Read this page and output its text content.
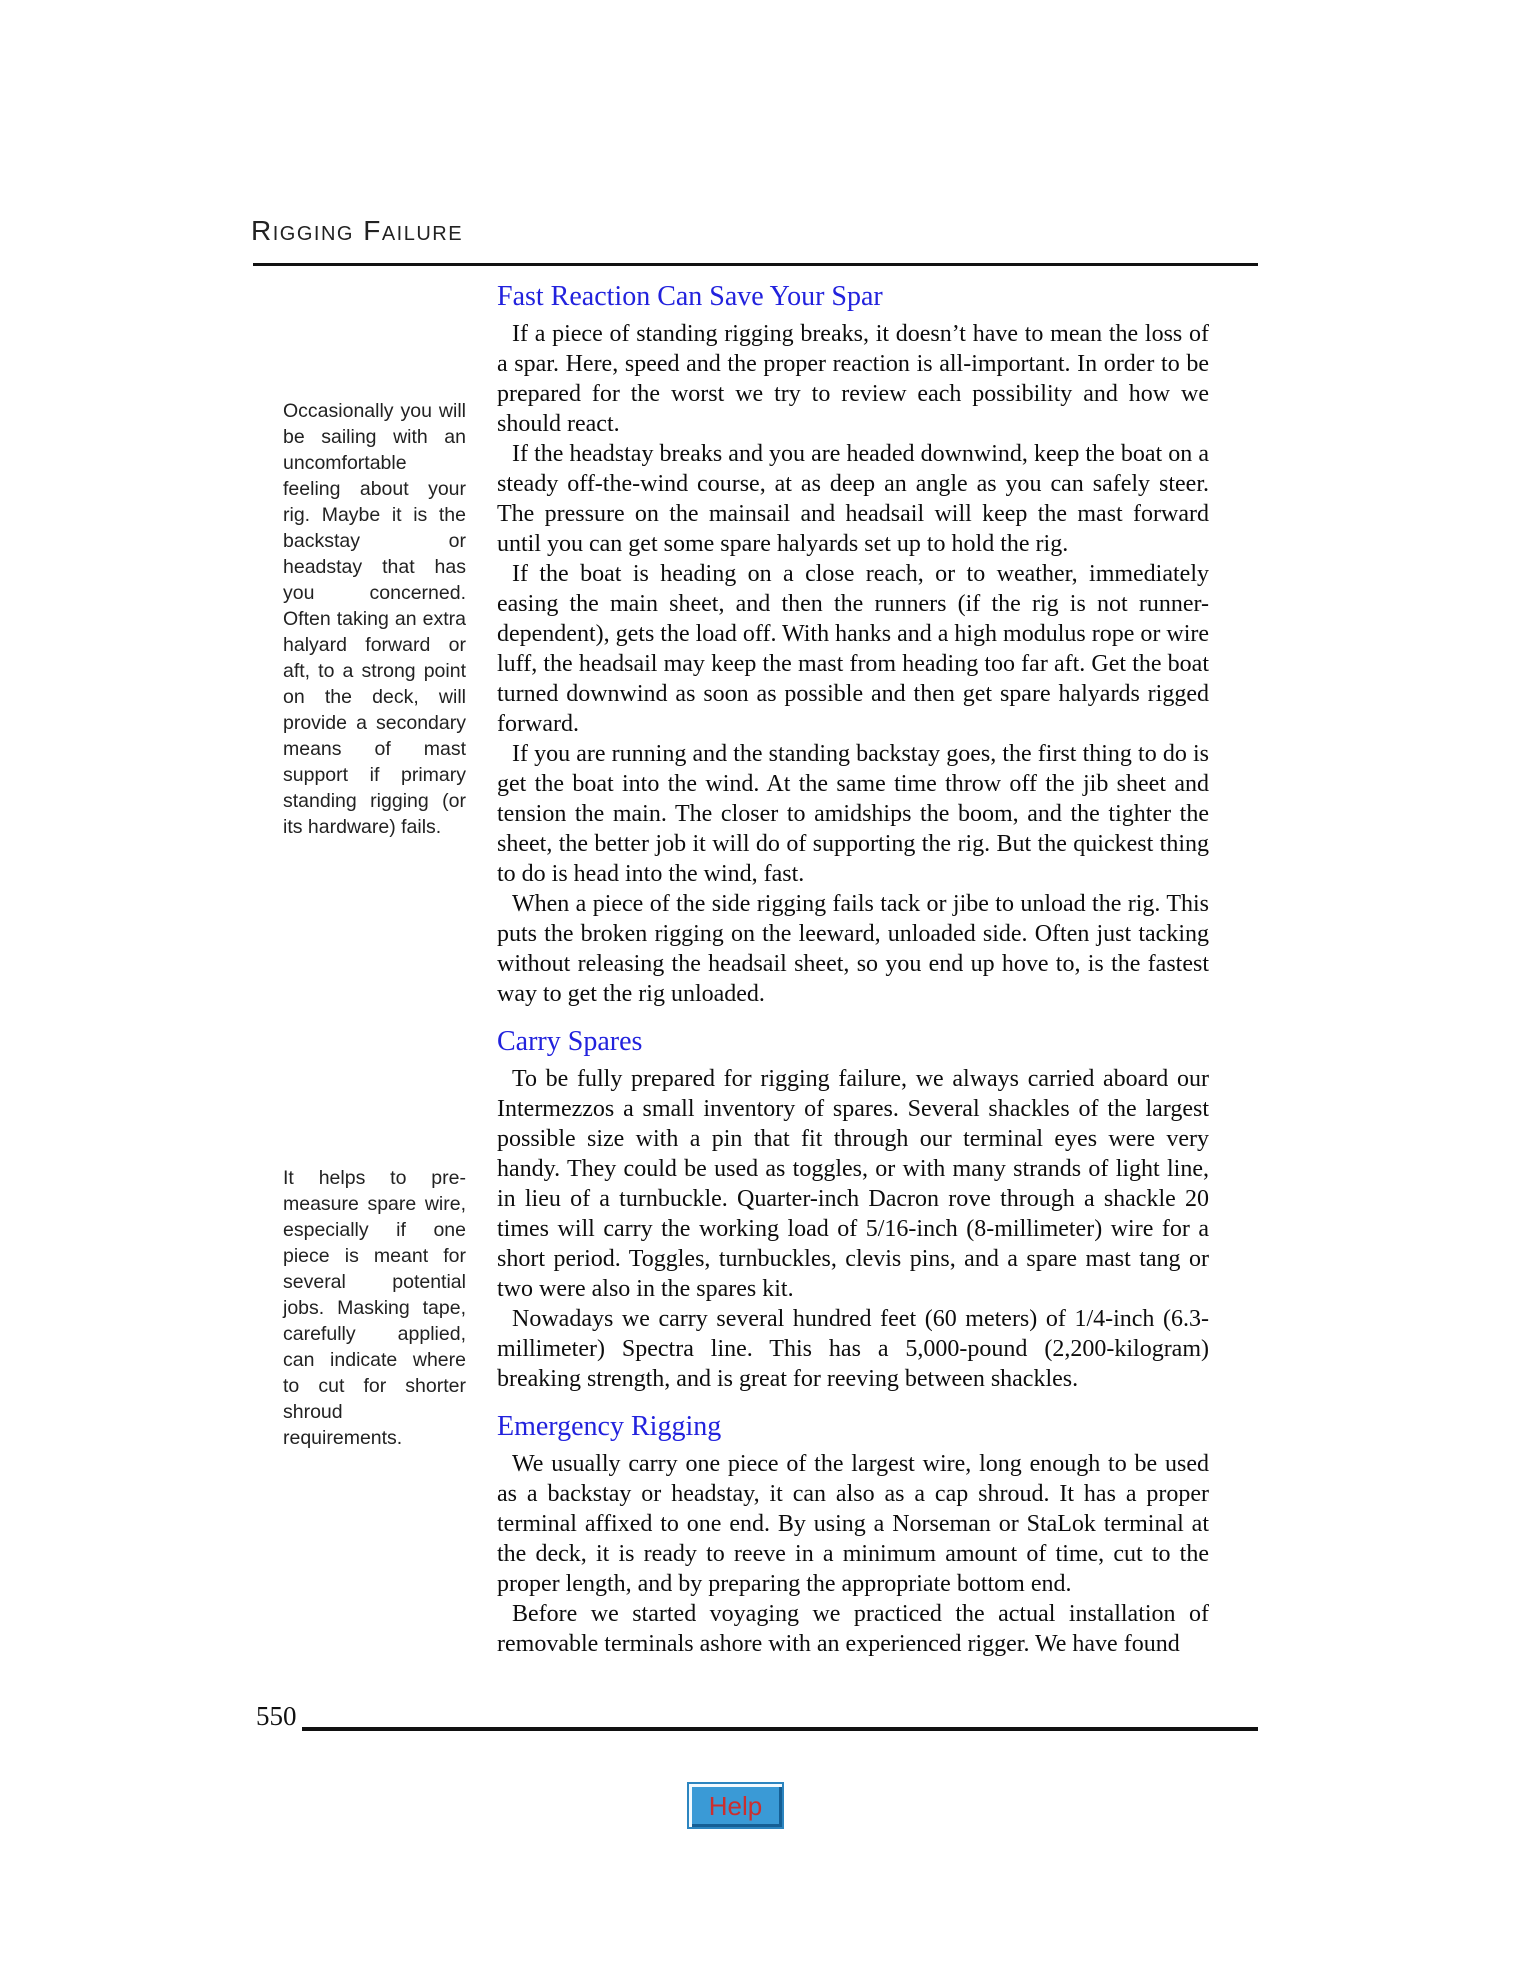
Rigging Failure
Occasionally you will be sailing with an uncomfortable feeling about your rig. Maybe it is the backstay or headstay that has you concerned. Often taking an extra halyard forward or aft, to a strong point on the deck, will provide a secondary means of mast support if primary standing rigging (or its hardware) fails.
It helps to pre-measure spare wire, especially if one piece is meant for several potential jobs. Masking tape, carefully applied, can indicate where to cut for shorter shroud requirements.
Fast Reaction Can Save Your Spar

If a piece of standing rigging breaks, it doesn’t have to mean the loss of a spar. Here, speed and the proper reaction is all-important. In order to be prepared for the worst we try to review each possibility and how we should react.

If the headstay breaks and you are headed downwind, keep the boat on a steady off-the-wind course, at as deep an angle as you can safely steer. The pressure on the mainsail and headsail will keep the mast forward until you can get some spare halyards set up to hold the rig.

If the boat is heading on a close reach, or to weather, immediately easing the main sheet, and then the runners (if the rig is not runner-dependent), gets the load off. With hanks and a high modulus rope or wire luff, the headsail may keep the mast from heading too far aft. Get the boat turned downwind as soon as possible and then get spare halyards rigged forward.

If you are running and the standing backstay goes, the first thing to do is get the boat into the wind. At the same time throw off the jib sheet and tension the main. The closer to amidships the boom, and the tighter the sheet, the better job it will do of supporting the rig. But the quickest thing to do is head into the wind, fast.

When a piece of the side rigging fails tack or jibe to unload the rig. This puts the broken rigging on the leeward, unloaded side. Often just tacking without releasing the headsail sheet, so you end up hove to, is the fastest way to get the rig unloaded.

Carry Spares

To be fully prepared for rigging failure, we always carried aboard our Intermezzos a small inventory of spares. Several shackles of the largest possible size with a pin that fit through our terminal eyes were very handy. They could be used as toggles, or with many strands of light line, in lieu of a turnbuckle. Quarter-inch Dacron rove through a shackle 20 times will carry the working load of 5/16-inch (8-millimeter) wire for a short period. Toggles, turnbuckles, clevis pins, and a spare mast tang or two were also in the spares kit.

Nowadays we carry several hundred feet (60 meters) of 1/4-inch (6.3-millimeter) Spectra line. This has a 5,000-pound (2,200-kilogram) breaking strength, and is great for reeving between shackles.

Emergency Rigging

We usually carry one piece of the largest wire, long enough to be used as a backstay or headstay, it can also as a cap shroud. It has a proper terminal affixed to one end. By using a Norseman or StaLok terminal at the deck, it is ready to reeve in a minimum amount of time, cut to the proper length, and by preparing the appropriate bottom end.

Before we started voyaging we practiced the actual installation of removable terminals ashore with an experienced rigger. We have found

550
Help
